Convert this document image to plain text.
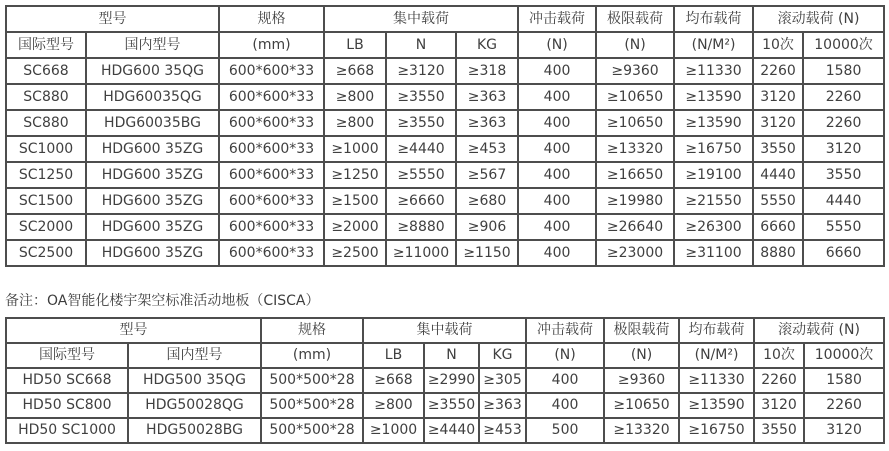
型号		规格	集中载荷			冲击载荷	极限载荷	均布载荷	滚动载荷 (N)	
国际型号	国内型号	(mm)	LB	N	KG	(N)	(N)	(N/M²)	10次	10000次
SC668	HDG600 35QG	600*600*33	≥668	≥3120	≥318	400	≥9360	≥11330	2260	1580
SC880	HDG60035QG	600*600*33	≥800	≥3550	≥363	400	≥10650	≥13590	3120	2260
SC880	HDG60035BG	600*600*33	≥800	≥3550	≥363	400	≥10650	≥13590	3120	2260
SC1000	HDG600 35ZG	600*600*33	≥1000	≥4440	≥453	400	≥13320	≥16750	3550	3120
SC1250	HDG600 35ZG	600*600*33	≥1250	≥5550	≥567	400	≥16650	≥19100	4440	3550
SC1500	HDG600 35ZG	600*600*33	≥1500	≥6660	≥680	400	≥19980	≥21550	5550	4440
SC2000	HDG600 35ZG	600*600*33	≥2000	≥8880	≥906	400	≥26640	≥26300	6660	5550
SC2500	HDG600 35ZG	600*600*33	≥2500	≥11000	≥1150	400	≥23000	≥31100	8880	6660
备注：OA智能化楼宇架空标准活动地板（CISCA）
型号		规格	集中载荷			冲击载荷	极限载荷	均布载荷	滚动载荷 (N)	
国际型号	国内型号	(mm)	LB	N	KG	(N)	(N)	(N/M²)	10次	10000次
HD50 SC668	HDG500 35QG	500*500*28	≥668	≥2990	≥305	400	≥9360	≥11330	2260	1580
HD50 SC800	HDG50028QG	500*500*28	≥800	≥3550	≥363	400	≥10650	≥13590	3120	2260
HD50 SC1000	HDG50028BG	500*500*28	≥1000	≥4440	≥453	500	≥13320	≥16750	3550	3120
